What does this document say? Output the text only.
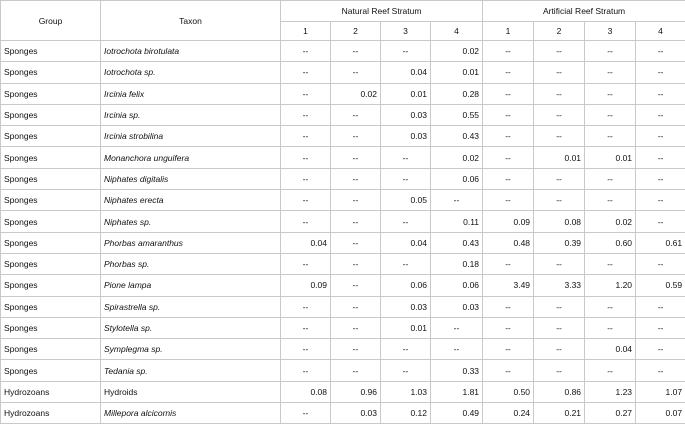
Group	Taxon	Natural Reef Stratum				Artificial Reef Stratum			
		1	2	3	4	1	2	3	4
Sponges	Iotrochota birotulata	--	--	--	0.02	--	--	--	--
Sponges	Iotrochota sp.	--	--	0.04	0.01	--	--	--	--
Sponges	Ircinia felix	--	0.02	0.01	0.28	--	--	--	--
Sponges	Ircinia sp.	--	--	0.03	0.55	--	--	--	--
Sponges	Ircinia strobilina	--	--	0.03	0.43	--	--	--	--
Sponges	Monanchora unguifera	--	--	--	0.02	--	0.01	0.01	--
Sponges	Niphates digitalis	--	--	--	0.06	--	--	--	--
Sponges	Niphates erecta	--	--	0.05	--	--	--	--	--
Sponges	Niphates sp.	--	--	--	0.11	0.09	0.08	0.02	--
Sponges	Phorbas amaranthus	0.04	--	0.04	0.43	0.48	0.39	0.60	0.61
Sponges	Phorbas sp.	--	--	--	0.18	--	--	--	--
Sponges	Pione lampa	0.09	--	0.06	0.06	3.49	3.33	1.20	0.59
Sponges	Spirastrella sp.	--	--	0.03	0.03	--	--	--	--
Sponges	Stylotella sp.	--	--	0.01	--	--	--	--	--
Sponges	Symplegma sp.	--	--	--	--	--	--	0.04	--
Sponges	Tedania sp.	--	--	--	0.33	--	--	--	--
Hydrozoans	Hydroids	0.08	0.96	1.03	1.81	0.50	0.86	1.23	1.07
Hydrozoans	Millepora alcicornis	--	0.03	0.12	0.49	0.24	0.21	0.27	0.07
